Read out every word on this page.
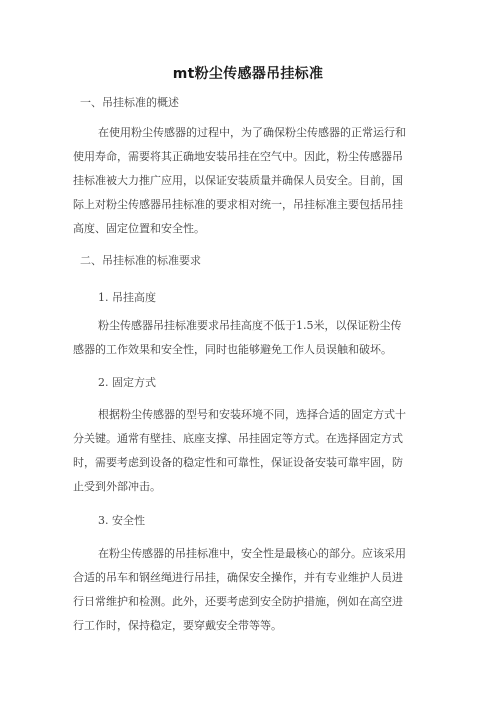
mt粉尘传感器吊挂标准
一、吊挂标准的概述
在使用粉尘传感器的过程中，为了确保粉尘传感器的正常运行和
使用寿命，需要将其正确地安装吊挂在空气中。因此，粉尘传感器吊
挂标准被大力推广应用，以保证安装质量并确保人员安全。目前，国
际上对粉尘传感器吊挂标准的要求相对统一，吊挂标准主要包括吊挂
高度、固定位置和安全性。
二、吊挂标准的标准要求
1. 吊挂高度
粉尘传感器吊挂标准要求吊挂高度不低于1.5米，以保证粉尘传
感器的工作效果和安全性，同时也能够避免工作人员误触和破坏。
2. 固定方式
根据粉尘传感器的型号和安装环境不同，选择合适的固定方式十
分关键。通常有壁挂、底座支撑、吊挂固定等方式。在选择固定方式
时，需要考虑到设备的稳定性和可靠性，保证设备安装可靠牢固，防
止受到外部冲击。
3. 安全性
在粉尘传感器的吊挂标准中，安全性是最核心的部分。应该采用
合适的吊车和钢丝绳进行吊挂，确保安全操作，并有专业维护人员进
行日常维护和检测。此外，还要考虑到安全防护措施，例如在高空进
行工作时，保持稳定，要穿戴安全带等等。
